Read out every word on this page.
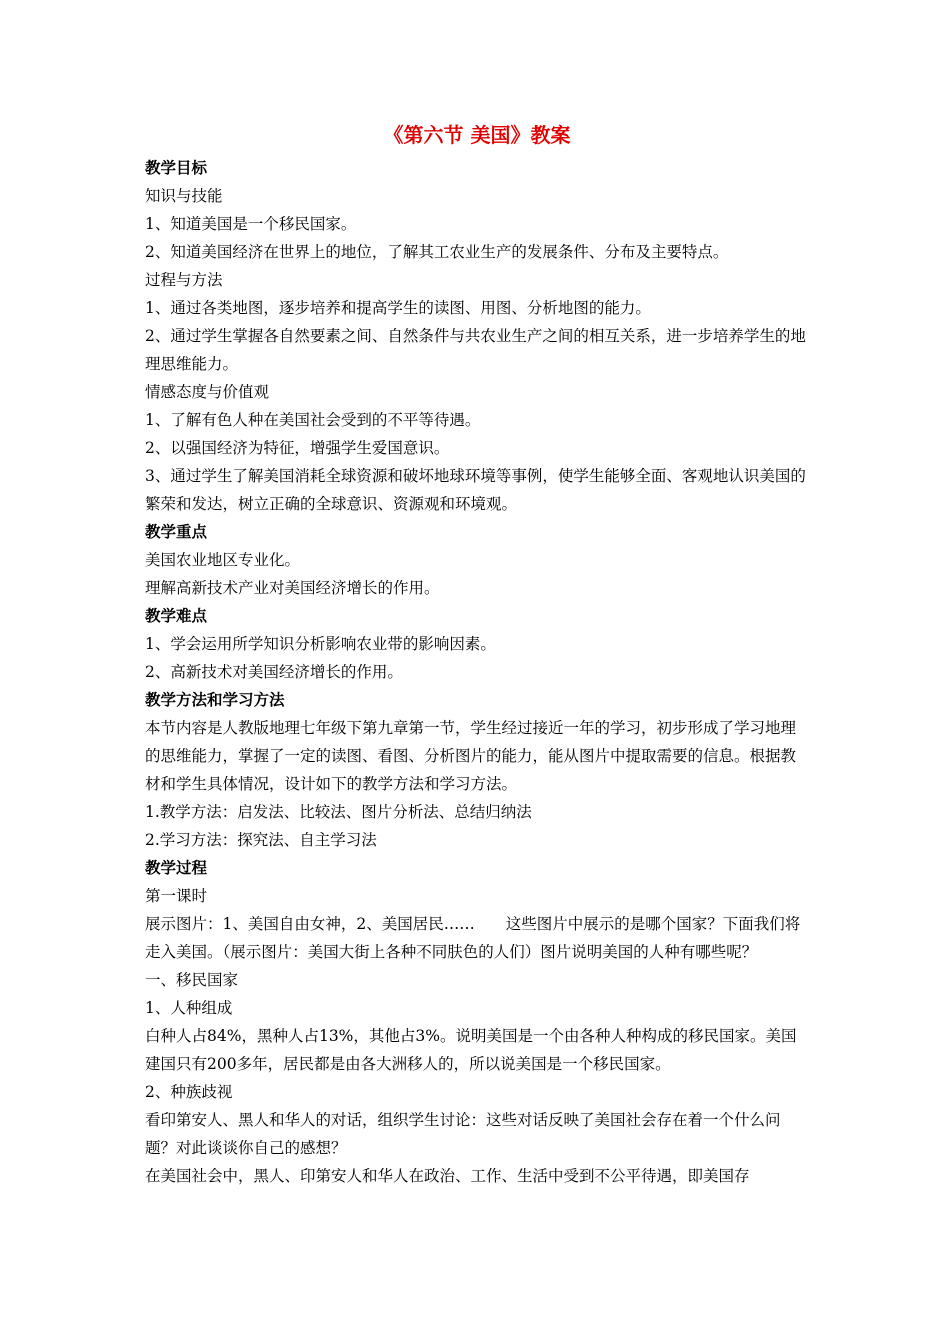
《第六节 美国》教案

教学目标

知识与技能

1、知道美国是一个移民国家。

2、知道美国经济在世界上的地位，了解其工农业生产的发展条件、分布及主要特点。

过程与方法

1、通过各类地图，逐步培养和提高学生的读图、用图、分析地图的能力。

2、通过学生掌握各自然要素之间、自然条件与共农业生产之间的相互关系，进一步培养学生的地理思维能力。

情感态度与价值观

1、了解有色人种在美国社会受到的不平等待遇。

2、以强国经济为特征，增强学生爱国意识。

3、通过学生了解美国消耗全球资源和破坏地球环境等事例，使学生能够全面、客观地认识美国的繁荣和发达，树立正确的全球意识、资源观和环境观。

教学重点

美国农业地区专业化。

理解高新技术产业对美国经济增长的作用。

教学难点

1、学会运用所学知识分析影响农业带的影响因素。

2、高新技术对美国经济增长的作用。

教学方法和学习方法

本节内容是人教版地理七年级下第九章第一节，学生经过接近一年的学习，初步形成了学习地理的思维能力，掌握了一定的读图、看图、分析图片的能力，能从图片中提取需要的信息。根据教材和学生具体情况，设计如下的教学方法和学习方法。

1.教学方法：启发法、比较法、图片分析法、总结归纳法

2.学习方法：探究法、自主学习法

教学过程

第一课时

展示图片：1、美国自由女神，2、美国居民……　　这些图片中展示的是哪个国家？下面我们将走入美国。（展示图片：美国大街上各种不同肤色的人们）图片说明美国的人种有哪些呢？

一、移民国家

1、人种组成

白种人占84%，黑种人占13%，其他占3%。说明美国是一个由各种人种构成的移民国家。美国建国只有200多年，居民都是由各大洲移人的，所以说美国是一个移民国家。

2、种族歧视

看印第安人、黑人和华人的对话，组织学生讨论：这些对话反映了美国社会存在着一个什么问题？对此谈谈你自己的感想？

在美国社会中，黑人、印第安人和华人在政治、工作、生活中受到不公平待遇，即美国存
